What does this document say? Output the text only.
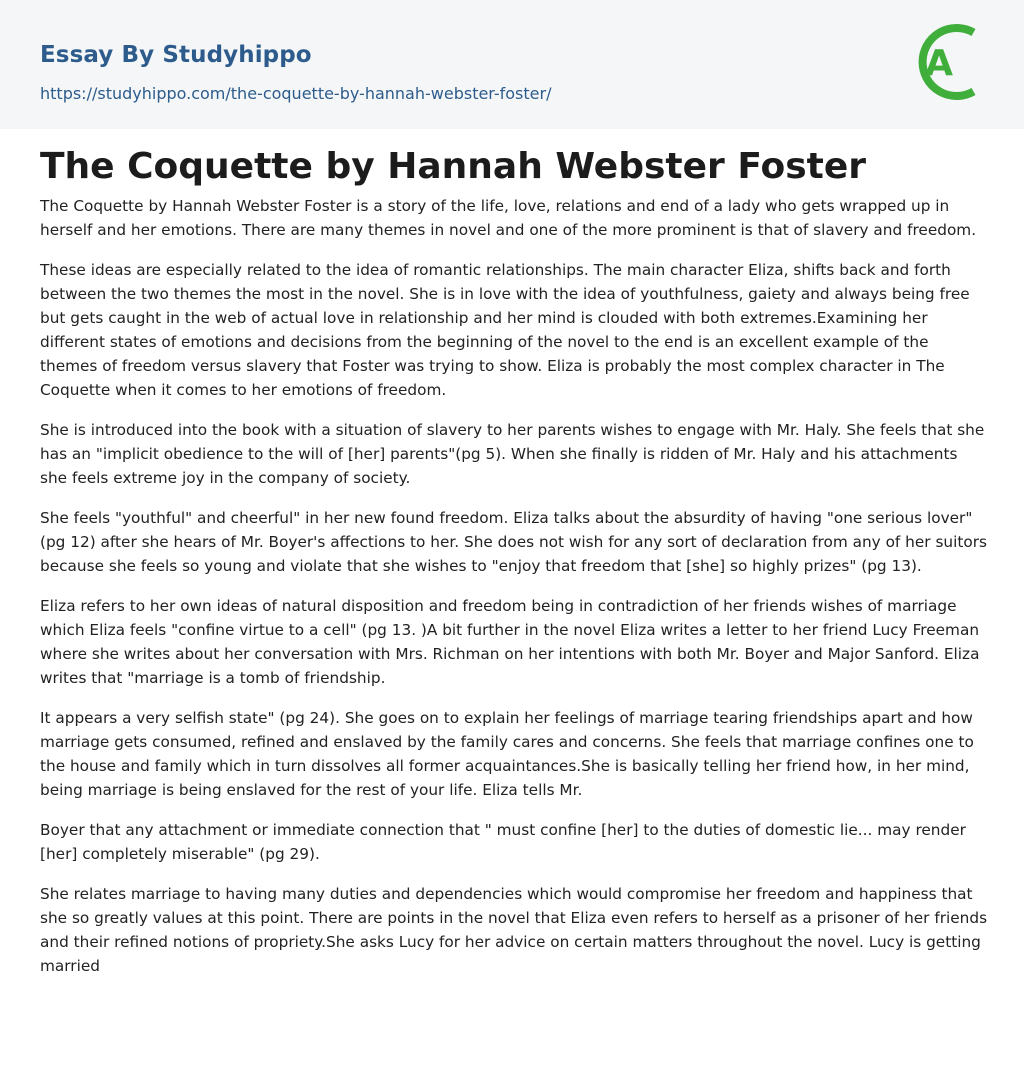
Essay By Studyhippo
https://studyhippo.com/the-coquette-by-hannah-webster-foster/
A
The Coquette by Hannah Webster Foster

The Coquette by Hannah Webster Foster is a story of the life, love, relations and end of a lady who gets wrapped up in herself and her emotions. There are many themes in novel and one of the more prominent is that of slavery and freedom.

These ideas are especially related to the idea of romantic relationships. The main character Eliza, shifts back and forth between the two themes the most in the novel. She is in love with the idea of youthfulness, gaiety and always being free but gets caught in the web of actual love in relationship and her mind is clouded with both extremes.Examining her different states of emotions and decisions from the beginning of the novel to the end is an excellent example of the themes of freedom versus slavery that Foster was trying to show. Eliza is probably the most complex character in The Coquette when it comes to her emotions of freedom.

She is introduced into the book with a situation of slavery to her parents wishes to engage with Mr. Haly. She feels that she has an "implicit obedience to the will of [her] parents"(pg 5). When she finally is ridden of Mr. Haly and his attachments she feels extreme joy in the company of society.

She feels "youthful" and cheerful" in her new found freedom. Eliza talks about the absurdity of having "one serious lover" (pg 12) after she hears of Mr. Boyer's affections to her. She does not wish for any sort of declaration from any of her suitors because she feels so young and violate that she wishes to "enjoy that freedom that [she] so highly prizes" (pg 13).

Eliza refers to her own ideas of natural disposition and freedom being in contradiction of her friends wishes of marriage which Eliza feels "confine virtue to a cell" (pg 13. )A bit further in the novel Eliza writes a letter to her friend Lucy Freeman where she writes about her conversation with Mrs. Richman on her intentions with both Mr. Boyer and Major Sanford. Eliza writes that "marriage is a tomb of friendship.

It appears a very selfish state" (pg 24). She goes on to explain her feelings of marriage tearing friendships apart and how marriage gets consumed, refined and enslaved by the family cares and concerns. She feels that marriage confines one to the house and family which in turn dissolves all former acquaintances.She is basically telling her friend how, in her mind, being marriage is being enslaved for the rest of your life. Eliza tells Mr.

Boyer that any attachment or immediate connection that " must confine [her] to the duties of domestic lie... may render [her] completely miserable" (pg 29).

She relates marriage to having many duties and dependencies which would compromise her freedom and happiness that she so greatly values at this point. There are points in the novel that Eliza even refers to herself as a prisoner of her friends and their refined notions of propriety.She asks Lucy for her advice on certain matters throughout the novel. Lucy is getting married
